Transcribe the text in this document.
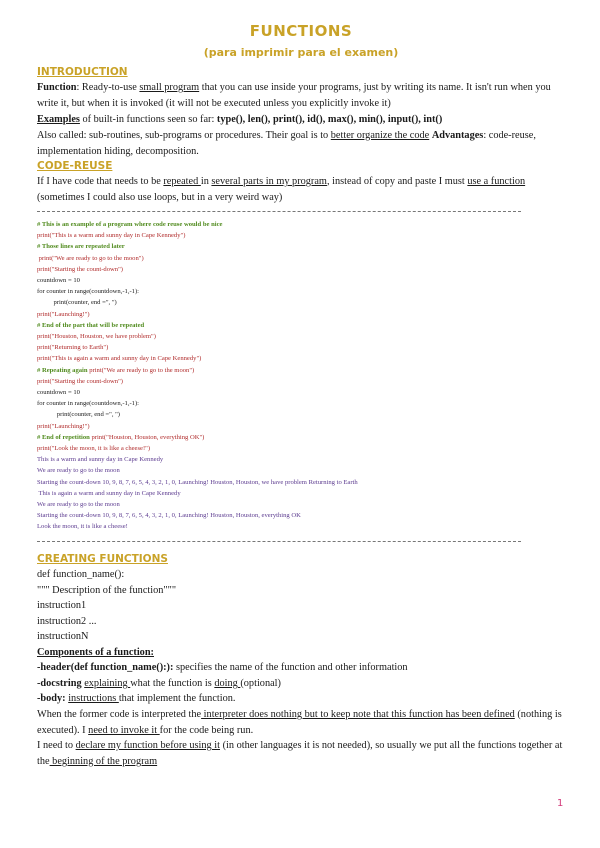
FUNCTIONS
(para imprimir para el examen)
INTRODUCTION
Function: Ready-to-use small program that you can use inside your programs, just by writing its name. It isn't run when you write it, but when it is invoked (it will not be executed unless you explicitly invoke it)
Examples of built-in functions seen so far: type(), len(), print(), id(), max(), min(), input(), int()
Also called: sub-routines, sub-programs or procedures. Their goal is to better organize the code Advantages: code-reuse, implementation hiding, decomposition.
CODE-REUSE
If I have code that needs to be repeated in several parts in my program, instead of copy and paste I must use a function (sometimes I could also use loops, but in a very weird way)
# This is an example of a program where code reuse would be nice
print("This is a warm and sunny day in Cape Kennedy")
# Those lines are repeated later
print("We are ready to go to the moon")
print("Starting the count-down")
countdown = 10
for counter in range(countdown,-1,-1):
print(counter, end =", ")
print("Launching!")
# End of the part that will be repeated
print("Houston, Houston, we have problem")
print("Returning to Earth")
print("This is again a warm and sunny day in Cape Kennedy")
# Repeating again print("We are ready to go to the moon")
print("Starting the count-down")
countdown = 10
for counter in range(countdown,-1,-1):
print(counter, end =", ")
print("Launching!")
# End of repetition print("Houston, Houston, everything OK")
print("Look the moon, it is like a cheese!")
This is a warm and sunny day in Cape Kennedy
We are ready to go to the moon
Starting the count-down 10, 9, 8, 7, 6, 5, 4, 3, 2, 1, 0, Launching! Houston, Houston, we have problem Returning to Earth
This is again a warm and sunny day in Cape Kennedy
We are ready to go to the moon
Starting the count-down 10, 9, 8, 7, 6, 5, 4, 3, 2, 1, 0, Launching! Houston, Houston, everything OK
Look the moon, it is like a cheese!
CREATING FUNCTIONS
def function_name():
""" Description of the function"""
instruction1
instruction2 ...
instructionN
Components of a function:
-header(def function_name():): specifies the name of the function and other information
-docstring explaining what the function is doing (optional)
-body: instructions that implement the function.
When the former code is interpreted the interpreter does nothing but to keep note that this function has been defined (nothing is executed). I need to invoke it for the code being run.
I need to declare my function before using it (in other languages it is not needed), so usually we put all the functions together at the beginning of the program
1
